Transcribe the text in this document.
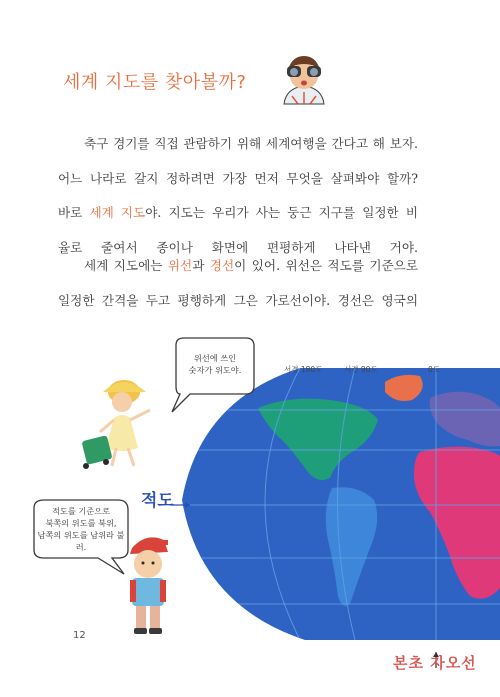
세계 지도를 찾아볼까?
축구 경기를 직접 관람하기 위해 세계여행을 간다고 해 보자.
어느 나라로 갈지 정하려면 가장 먼저 무엇을 살펴봐야 할까?
바로 세계 지도야. 지도는 우리가 사는 둥근 지구를 일정한 비
율로 줄여서 종이나 화면에 편평하게 나타낸 거야.
세계 지도에는 위선과 경선이 있어. 위선은 적도를 기준으로
일정한 간격을 두고 평행하게 그은 가로선이야. 경선은 영국의
위선에 쓰인
숫자가 위도야.
적도를 기준으로
북쪽의 위도를 북위,
남쪽의 위도를 남위라 불러.
서경 180도	서경 90도	0도
적도
본초 자오선
12
